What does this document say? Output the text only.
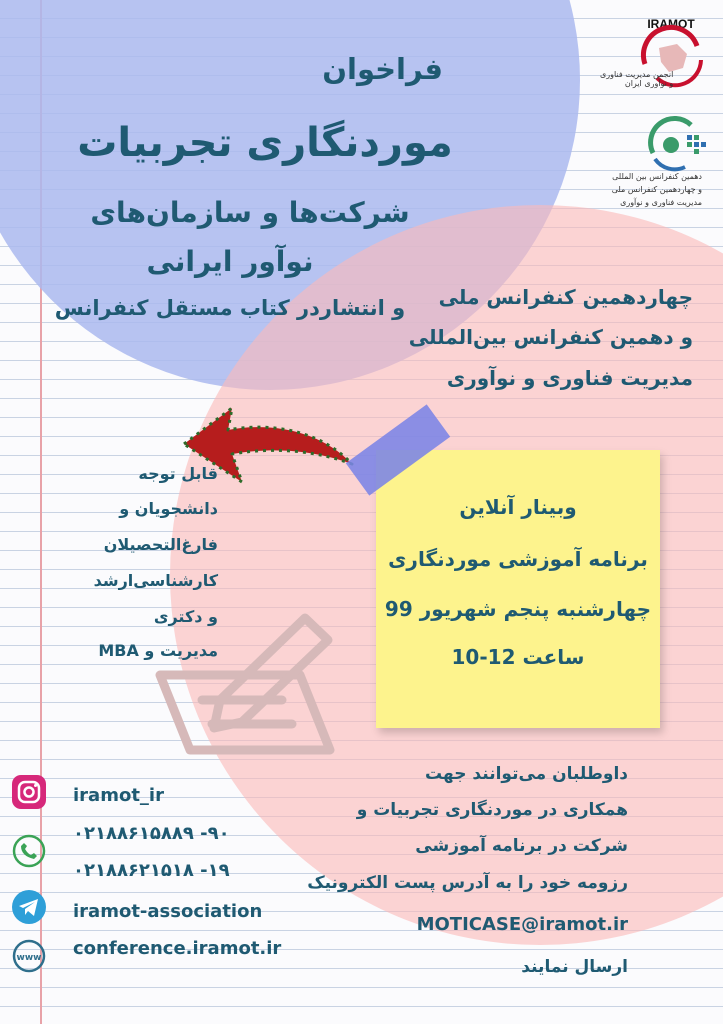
IRAMOT
انجمن مدیریت فناوری
و نوآوری ایران
دهمین کنفرانس بین المللی
و چهاردهمین کنفرانس ملی
مدیریت فناوری و نوآوری
فراخوان
موردنگاری تجربیات
شرکت‌ها و سازمان‌های
نوآور ایرانی
و انتشاردر کتاب مستقل کنفرانس	چهاردهمین کنفرانس ملی
و دهمین کنفرانس بین‌المللی
مدیریت فناوری و نوآوری
قابل توجه
دانشجویان و
فارغ‌التحصیلان
کارشناسی‌ارشد
و دکتری
مدیریت و MBA
وبینار آنلاین
برنامه آموزشی موردنگاری
چهارشنبه پنجم شهریور 99
ساعت 12-10
داوطلبان می‌توانند جهت
همکاری در موردنگاری تجربیات و
شرکت در برنامه آموزشی
رزومه خود را به آدرس پست الکترونیک
MOTICASE@iramot.ir
ارسال نمایند
iramot_ir
۰۲۱۸۸۶۱۵۸۸۹ -۹۰
۰۲۱۸۸۶۲۱۵۱۸ -۱۹
iramot-association
www conference.iramot.ir
